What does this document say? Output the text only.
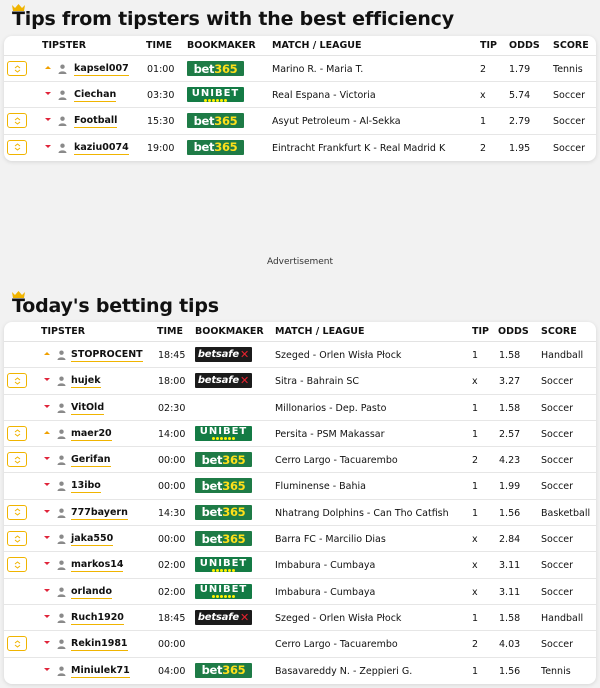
Tips from tipsters with the best efficiency
TIPSTER	TIME BOOKMAKER MATCH / LEAGUE	TIP ODDS SCORE
kapsel007 01:00 bet365	Marino R. - Maria T.	2 1.79 Tennis
Ciechan	03:30 UNIBET	Real Espana - Victoria	x 5.74 Soccer
Football	15:30 bet365	Asyut Petroleum - Al-Sekka	1 2.79 Soccer
kaziu0074 19:00 bet365	Eintracht Frankfurt K - Real Madrid K	2 1.95 Soccer
Advertisement
Today's betting tips
TIPSTER	TIME BOOKMAKER MATCH / LEAGUE	TIP ODDS SCORE
STOPROCENT 18:45 betsafe ✕	Szeged - Orlen Wisła Płock	1 1.58 Handball
hujek	18:00 betsafe ✕	Sitra - Bahrain SC	x 3.27 Soccer
VitOld	02:30 888 sport	Millonarios - Dep. Pasto	1 1.58 Soccer
maer20	14:00 UNIBET	Persita - PSM Makassar	1 2.57 Soccer
Gerifan	00:00 bet365	Cerro Largo - Tacuarembo	2 4.23 Soccer
13ibo	00:00 bet365	Fluminense - Bahia	1 1.99 Soccer
777bayern	14:30 bet365	Nhatrang Dolphins - Can Tho Catfish 1 1.56 Basketball
jaka550	00:00 bet365	Barra FC - Marcilio Dias	x 2.84 Soccer
markos14	02:00 UNIBET	Imbabura - Cumbaya	x 3.11 Soccer
orlando	02:00 UNIBET	Imbabura - Cumbaya	x 3.11 Soccer
Ruch1920	18:45 betsafe ✕	Szeged - Orlen Wisła Płock	1 1.58 Handball
Rekin1981	00:00 888 sport	Cerro Largo - Tacuarembo	2 4.03 Soccer
Miniulek71	04:00 bet365	Basavareddy N. - Zeppieri G.	1 1.56 Tennis
